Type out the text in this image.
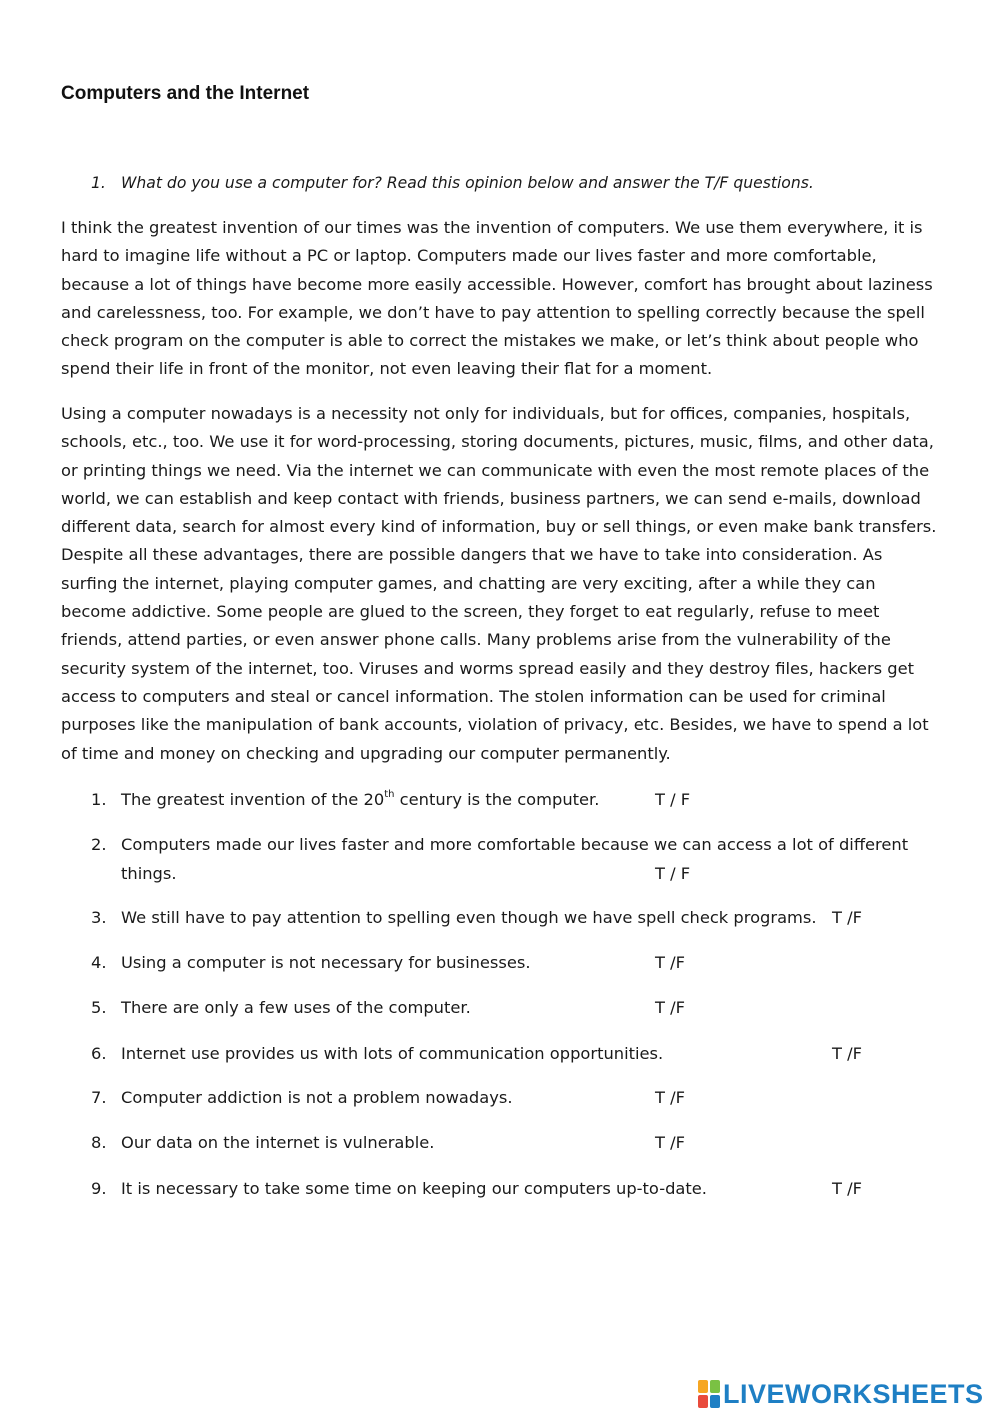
Computers and the Internet
1. What do you use a computer for? Read this opinion below and answer the T/F questions.

I think the greatest invention of our times was the invention of computers. We use them everywhere, it is hard to imagine life without a PC or laptop. Computers made our lives faster and more comfortable, because a lot of things have become more easily accessible. However, comfort has brought about laziness and carelessness, too. For example, we don’t have to pay attention to spelling correctly because the spell check program on the computer is able to correct the mistakes we make, or let’s think about people who spend their life in front of the monitor, not even leaving their flat for a moment.

Using a computer nowadays is a necessity not only for individuals, but for offices, companies, hospitals, schools, etc., too. We use it for word-processing, storing documents, pictures, music, films, and other data, or printing things we need. Via the internet we can communicate with even the most remote places of the world, we can establish and keep contact with friends, business partners, we can send e-mails, download different data, search for almost every kind of information, buy or sell things, or even make bank transfers. Despite all these advantages, there are possible dangers that we have to take into consideration. As surfing the internet, playing computer games, and chatting are very exciting, after a while they can become addictive. Some people are glued to the screen, they forget to eat regularly, refuse to meet friends, attend parties, or even answer phone calls. Many problems arise from the vulnerability of the security system of the internet, too. Viruses and worms spread easily and they destroy files, hackers get access to computers and steal or cancel information. The stolen information can be used for criminal purposes like the manipulation of bank accounts, violation of privacy, etc. Besides, we have to spend a lot of time and money on checking and upgrading our computer permanently.

1. The greatest invention of the 20th century is the computer.	T / F
2. Computers made our lives faster and more comfortable because we can access a lot of different things.	T / F
3. We still have to pay attention to spelling even though we have spell check programs. T /F
4. Using a computer is not necessary for businesses.	T /F
5. There are only a few uses of the computer.	T /F
6. Internet use provides us with lots of communication opportunities.	T /F
7. Computer addiction is not a problem nowadays.	T /F
8. Our data on the internet is vulnerable.	T /F
9. It is necessary to take some time on keeping our computers up-to-date.	T /F
LIVEWORKSHEETS
